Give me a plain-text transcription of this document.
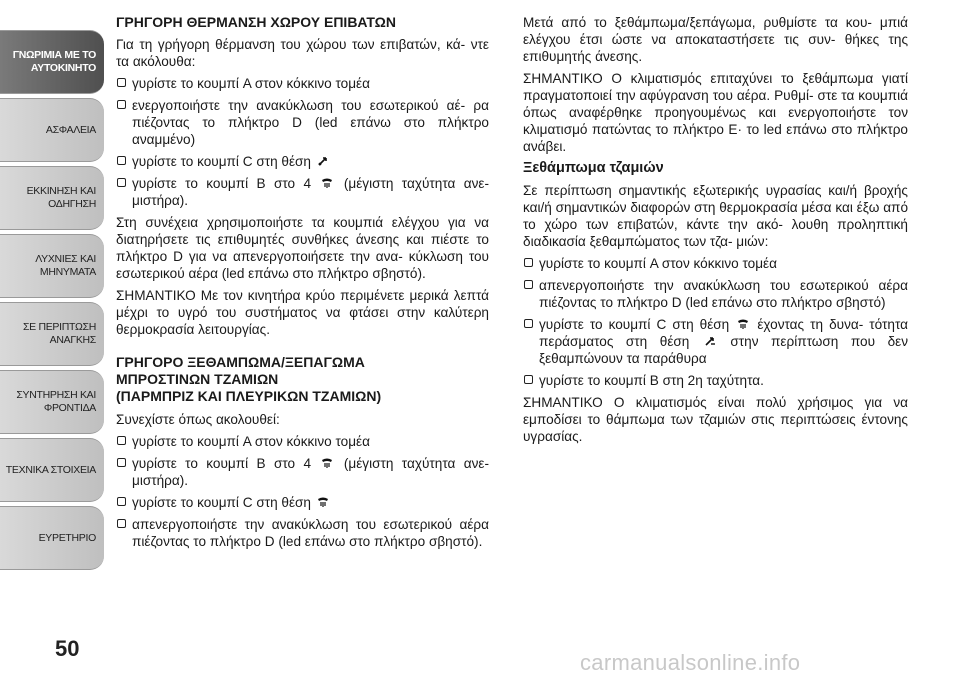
ΓΝΩΡΙΜΙΑ ΜΕ ΤΟ
ΑΥΤΟΚΙΝΗΤΟ
ΑΣΦΑΛΕΙΑ
ΕΚΚΙΝΗΣΗ ΚΑΙ
ΟΔΗΓΗΣΗ
ΛΥΧΝΙΕΣ ΚΑΙ
ΜΗΝΥΜΑΤΑ
ΣΕ ΠΕΡΙΠΤΩΣΗ
ΑΝΑΓΚΗΣ
ΣΥΝΤΗΡΗΣΗ ΚΑΙ
ΦΡΟΝΤΙΔΑ
ΤΕΧΝΙΚΑ ΣΤΟΙΧΕΙΑ
ΕΥΡΕΤΗΡΙΟ
50
ΓΡΗΓΟΡΗ ΘΕΡΜΑΝΣΗ ΧΩΡΟΥ ΕΠΙΒΑΤΩΝ

Για τη γρήγορη θέρμανση του χώρου των επιβατών, κά- ντε τα ακόλουθα:

γυρίστε το κουμπί A στον κόκκινο τομέα
ενεργοποιήστε την ανακύκλωση του εσωτερικού αέ- ρα πιέζοντας το πλήκτρο D (led επάνω στο πλήκτρο αναμμένο)
γυρίστε το κουμπί C στη θέση
γυρίστε το κουμπί B στο 4 (μέγιστη ταχύτητα ανε- μιστήρα).

Στη συνέχεια χρησιμοποιήστε τα κουμπιά ελέγχου για να διατηρήσετε τις επιθυμητές συνθήκες άνεσης και πιέστε το πλήκτρο D για να απενεργοποιήσετε την ανα- κύκλωση του εσωτερικού αέρα (led επάνω στο πλήκτρο σβηστό).

ΣΗΜΑΝΤΙΚΟ Με τον κινητήρα κρύο περιμένετε μερικά λεπτά μέχρι το υγρό του συστήματος να φτάσει στην καλύτερη θερμοκρασία λειτουργίας.

ΓΡΗΓΟΡΟ ΞΕΘΑΜΠΩΜΑ/ΞΕΠΑΓΩΜΑ
ΜΠΡΟΣΤΙΝΩΝ ΤΖΑΜΙΩΝ
(ΠΑΡΜΠΡΙΖ ΚΑΙ ΠΛΕΥΡΙΚΩΝ ΤΖΑΜΙΩΝ)

Συνεχίστε όπως ακολουθεί:

γυρίστε το κουμπί A στον κόκκινο τομέα
γυρίστε το κουμπί B στο 4 (μέγιστη ταχύτητα ανε- μιστήρα).
γυρίστε το κουμπί C στη θέση
απενεργοποιήστε την ανακύκλωση του εσωτερικού αέρα πιέζοντας το πλήκτρο D (led επάνω στο πλήκτρο σβηστό).

Μετά από το ξεθάμπωμα/ξεπάγωμα, ρυθμίστε τα κου- μπιά ελέγχου έτσι ώστε να αποκαταστήσετε τις συν- θήκες της επιθυμητής άνεσης.

ΣΗΜΑΝΤΙΚΟ Ο κλιματισμός επιταχύνει το ξεθάμπωμα γιατί πραγματοποιεί την αφύγρανση του αέρα. Ρυθμί- στε τα κουμπιά όπως αναφέρθηκε προηγουμένως και ενεργοποιήστε τον κλιματισμό πατώντας το πλήκτρο E· το led επάνω στο πλήκτρο ανάβει.

Ξεθάμπωμα τζαμιών

Σε περίπτωση σημαντικής εξωτερικής υγρασίας και/ή βροχής και/ή σημαντικών διαφορών στη θερμοκρασία μέσα και έξω από το χώρο των επιβατών, κάντε την ακό- λουθη προληπτική διαδικασία ξεθαμπώματος των τζα- μιών:

γυρίστε το κουμπί A στον κόκκινο τομέα
απενεργοποιήστε την ανακύκλωση του εσωτερικού αέρα πιέζοντας το πλήκτρο D (led επάνω στο πλήκτρο σβηστό)
γυρίστε το κουμπί C στη θέση έχοντας τη δυνα- τότητα περάσματος στη θέση	στην περίπτωση που δεν ξεθαμπώνουν τα παράθυρα
γυρίστε το κουμπί B στη 2η ταχύτητα.

ΣΗΜΑΝΤΙΚΟ Ο κλιματισμός είναι πολύ χρήσιμος για να εμποδίσει το θάμπωμα των τζαμιών στις περιπτώσεις έντονης υγρασίας.

carmanualsonline.info
